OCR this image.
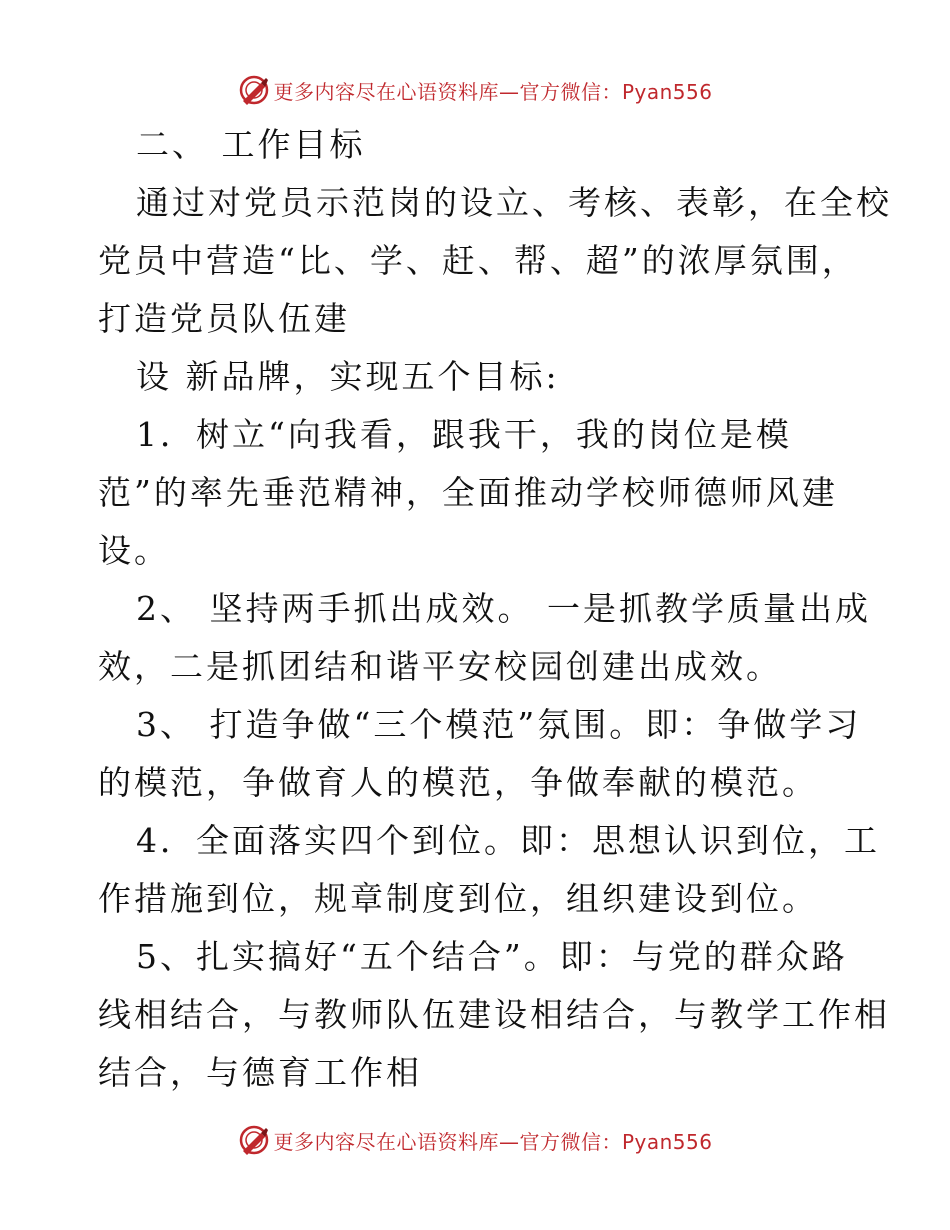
更多内容尽在心语资料库—官方微信：Pyan556
二、 工作目标
通过对党员示范岗的设立、考核、表彰，在全校
党员中营造“比、学、赶、帮、超”的浓厚氛围，
打造党员队伍建
设 新品牌，实现五个目标:
1．树立“向我看，跟我干，我的岗位是模
范”的率先垂范精神，全面推动学校师德师风建
设。
2、 坚持两手抓出成效。 一是抓教学质量出成
效，二是抓团结和谐平安校园创建出成效。
3、 打造争做“三个模范”氛围。即：争做学习
的模范，争做育人的模范，争做奉献的模范。
4．全面落实四个到位。即：思想认识到位，工
作措施到位，规章制度到位，组织建设到位。
5、扎实搞好“五个结合”。即：与党的群众路
线相结合，与教师队伍建设相结合，与教学工作相
结合，与德育工作相
更多内容尽在心语资料库—官方微信：Pyan556
